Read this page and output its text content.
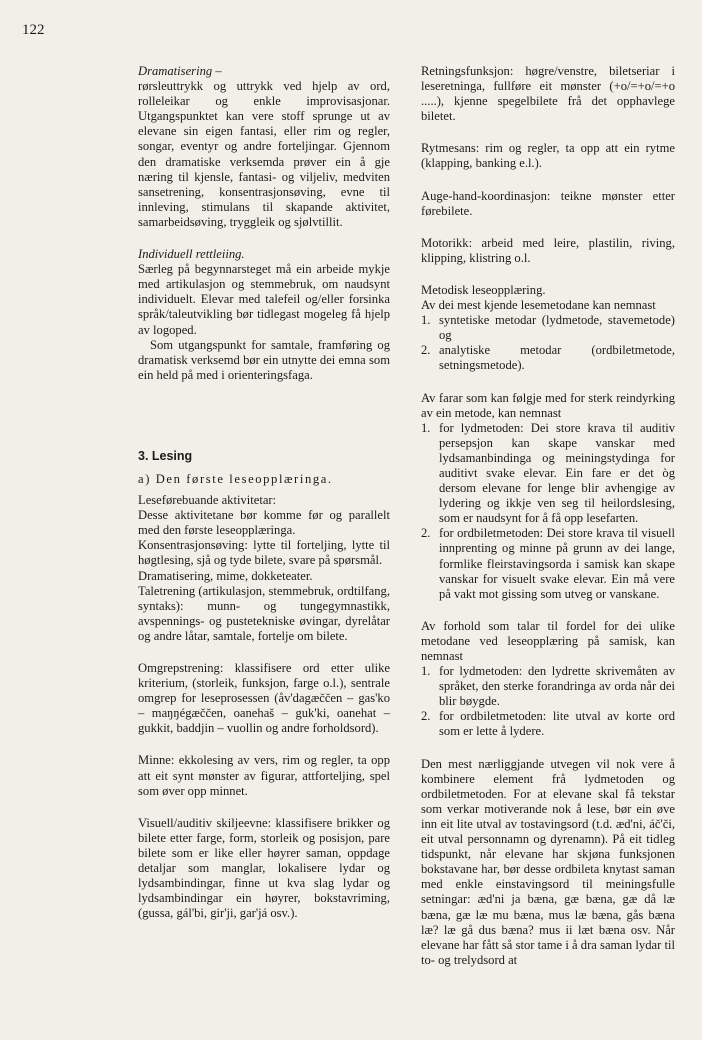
122

Dramatisering –

rørsleuttrykk og uttrykk ved hjelp av ord, rolleleikar og enkle improvisasjonar. Utgangspunktet kan vere stoff sprunge ut av elevane sin eigen fantasi, eller rim og regler, songar, eventyr og andre forteljingar. Gjennom den dramatiske verksemda prøver ein å gje næring til kjensle, fantasi- og viljeliv, medviten sansetrening, konsentrasjonsøving, evne til innleving, stimulans til skapande aktivitet, samarbeidsøving, tryggleik og sjølvtillit.

Individuell rettleiing.

Særleg på begynnarsteget må ein arbeide mykje med artikulasjon og stemmebruk, om naudsynt individuelt. Elevar med talefeil og/eller forsinka språk/taleutvikling bør tidlegast mogeleg få hjelp av logoped.

Som utgangspunkt for samtale, framføring og dramatisk verksemd bør ein utnytte dei emna som ein held på med i orienteringsfaga.

3. Lesing

a) Den første leseopplæringa.

Leseførebuande aktivitetar:

Desse aktivitetane bør komme før og parallelt med den første leseopplæringa.

Konsentrasjonsøving: lytte til forteljing, lytte til høgtlesing, sjå og tyde bilete, svare på spørsmål.

Dramatisering, mime, dokketeater.

Taletrening (artikulasjon, stemmebruk, ordtilfang, syntaks): munn- og tungegymnastikk, avspennings- og pustetekniske øvingar, dyrelåtar og andre låtar, samtale, fortelje om bilete.

Omgrepstrening: klassifisere ord etter ulike kriterium, (storleik, funksjon, farge o.l.), sentrale omgrep for leseprosessen (åv'dagæččen – gas'ko – maŋŋégæččen, oanehaš – guk'ki, oanehat – gukkit, baddjin – vuollin og andre forholdsord).

Minne: ekkolesing av vers, rim og regler, ta opp att eit synt mønster av figurar, attforteljing, spel som øver opp minnet.

Visuell/auditiv skiljeevne: klassifisere brikker og bilete etter farge, form, storleik og posisjon, pare bilete som er like eller høyrer saman, oppdage detaljar som manglar, lokalisere lydar og lydsambindingar, finne ut kva slag lydar og lydsambindingar ein høyrer, bokstavriming, (gussa, gál'bi, gir'ji, gar'já osv.).

Retningsfunksjon: høgre/venstre, biletseriar i leseretninga, fullføre eit mønster (+o/=+o/=+o .....), kjenne spegelbilete frå det opphavlege biletet.

Rytmesans: rim og regler, ta opp att ein rytme (klapping, banking e.l.).

Auge-hand-koordinasjon: teikne mønster etter førebilete.

Motorikk: arbeid med leire, plastilin, riving, klipping, klistring o.l.

Metodisk leseopplæring.

Av dei mest kjende lesemetodane kan nemnast

1. syntetiske metodar (lydmetode, stavemetode) og
2. analytiske metodar (ordbiletmetode, setningsmetode).

Av farar som kan følgje med for sterk reindyrking av ein metode, kan nemnast

1. for lydmetoden: Dei store krava til auditiv persepsjon kan skape vanskar med lydsamanbindinga og meiningstydinga for auditivt svake elevar. Ein fare er det òg dersom elevane for lenge blir avhengige av lydering og ikkje ven seg til heilordslesing, som er naudsynt for å få opp lesefarten.
2. for ordbiletmetoden: Dei store krava til visuell innprenting og minne på grunn av dei lange, formlike fleirstavingsorda i samisk kan skape vanskar for visuelt svake elevar. Ein må vere på vakt mot gissing som utveg or vanskane.

Av forhold som talar til fordel for dei ulike metodane ved leseopplæring på samisk, kan nemnast

1. for lydmetoden: den lydrette skrivemåten av språket, den sterke forandringa av orda når dei blir bøygde.
2. for ordbiletmetoden: lite utval av korte ord som er lette å lydere.

Den mest nærliggjande utvegen vil nok vere å kombinere element frå lydmetoden og ordbiletmetoden. For at elevane skal få tekstar som verkar motiverande nok å lese, bør ein øve inn eit lite utval av tostavingsord (t.d. æd'ni, áč'či, eit utval personnamn og dyrenamn). På eit tidleg tidspunkt, når elevane har skjøna funksjonen bokstavane har, bør desse ordbileta knytast saman med enkle einstavingsord til meiningsfulle setningar: æd'ni ja bæna, gæ bæna, gæ då læ bæna, gæ læ mu bæna, mus læ bæna, gås bæna læ? læ gå dus bæna? mus ii læt bæna osv. Når elevane har fått så stor tame i å dra saman lydar til to- og trelydsord at
